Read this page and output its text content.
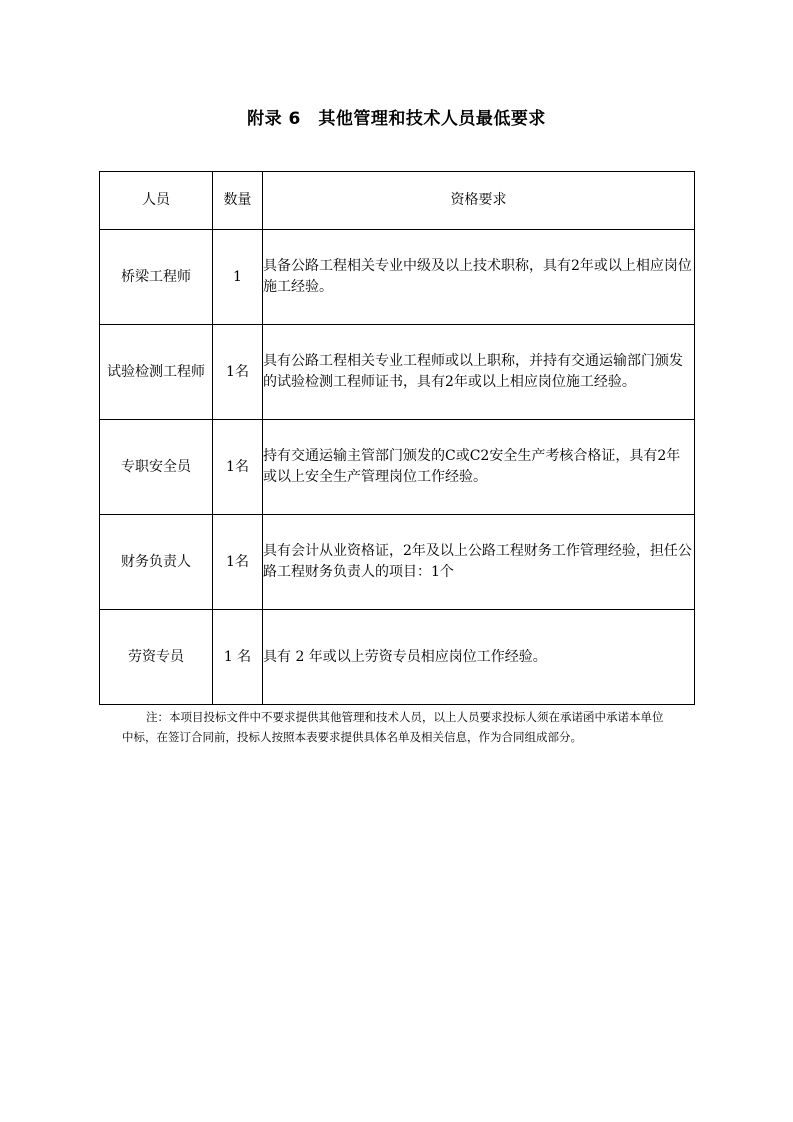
附录 6　其他管理和技术人员最低要求
人员	数量	资格要求
桥梁工程师	1	具备公路工程相关专业中级及以上技术职称，具有2年或以上相应岗位施工经验。
试验检测工程师	1名	具有公路工程相关专业工程师或以上职称，并持有交通运输部门颁发的试验检测工程师证书，具有2年或以上相应岗位施工经验。
专职安全员	1名	持有交通运输主管部门颁发的C或C2安全生产考核合格证，具有2年或以上安全生产管理岗位工作经验。
财务负责人	1名	具有会计从业资格证，2年及以上公路工程财务工作管理经验，担任公路工程财务负责人的项目：1个
劳资专员	1 名	具有 2 年或以上劳资专员相应岗位工作经验。
注：本项目投标文件中不要求提供其他管理和技术人员，以上人员要求投标人须在承诺函中承诺本单位中标，在签订合同前，投标人按照本表要求提供具体名单及相关信息，作为合同组成部分。
